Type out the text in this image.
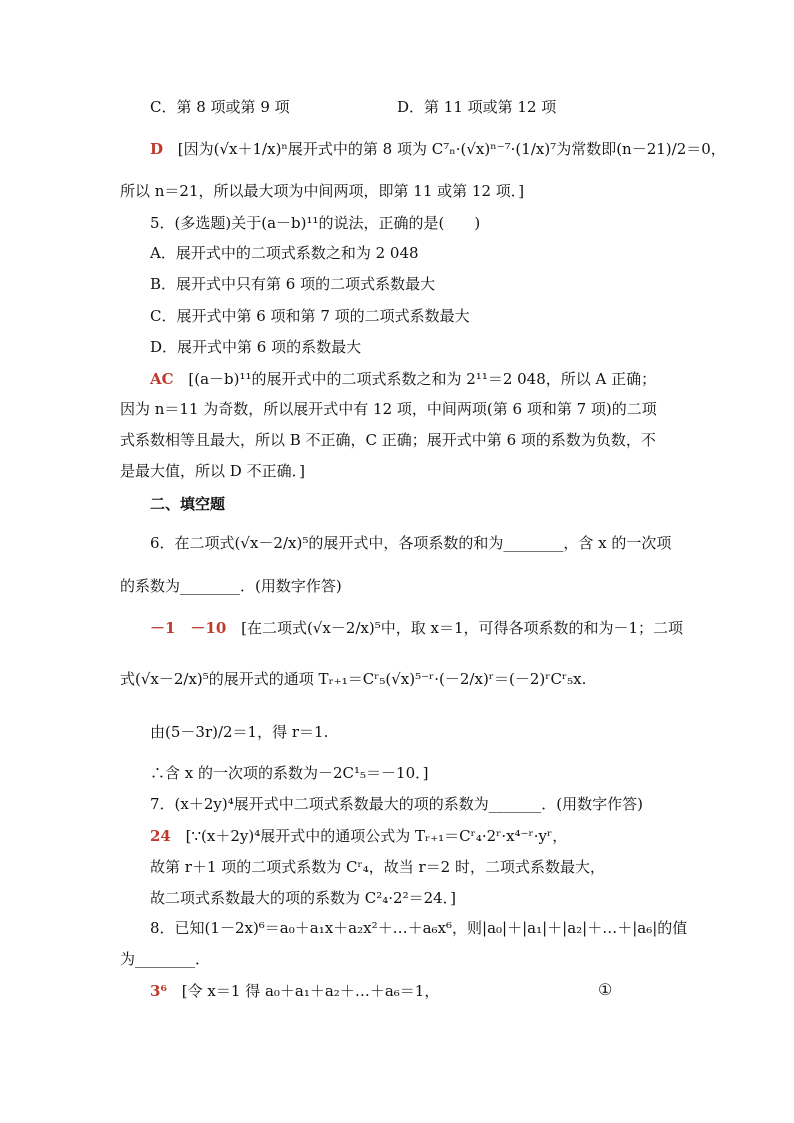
C．第 8 项或第 9 项	D．第 11 项或第 12 项
D [因为(√x＋1/x)ⁿ展开式中的第 8 项为 C⁷ₙ·(√x)ⁿ⁻⁷·(1/x)⁷为常数即(n－21)/2＝0，
所以 n＝21，所以最大项为中间两项，即第 11 或第 12 项．]
5．(多选题)关于(a－b)¹¹的说法，正确的是(　　)
A．展开式中的二项式系数之和为 2 048
B．展开式中只有第 6 项的二项式系数最大
C．展开式中第 6 项和第 7 项的二项式系数最大
D．展开式中第 6 项的系数最大
AC [(a－b)¹¹的展开式中的二项式系数之和为 2¹¹＝2 048，所以 A 正确；
因为 n＝11 为奇数，所以展开式中有 12 项，中间两项(第 6 项和第 7 项)的二项
式系数相等且最大，所以 B 不正确，C 正确；展开式中第 6 项的系数为负数，不
是最大值，所以 D 不正确．]
二、填空题
6．在二项式(√x－2/x)⁵的展开式中，各项系数的和为________，含 x 的一次项
的系数为________．(用数字作答)
－1　－10 [在二项式(√x－2/x)⁵中，取 x＝1，可得各项系数的和为－1；二项
式(√x－2/x)⁵的展开式的通项 Tᵣ₊₁＝Cʳ₅(√x)⁵⁻ʳ·(－2/x)ʳ＝(－2)ʳCʳ₅x.
由(5－3r)/2＝1，得 r＝1.
∴含 x 的一次项的系数为－2C¹₅＝－10．]
7．(x＋2y)⁴展开式中二项式系数最大的项的系数为_______．(用数字作答)
24 [∵(x＋2y)⁴展开式中的通项公式为 Tᵣ₊₁＝Cʳ₄·2ʳ·x⁴⁻ʳ·yʳ，
故第 r＋1 项的二项式系数为 Cʳ₄，故当 r＝2 时，二项式系数最大，
故二项式系数最大的项的系数为 C²₄·2²＝24．]
8．已知(1－2x)⁶＝a₀＋a₁x＋a₂x²＋…＋a₆x⁶，则|a₀|＋|a₁|＋|a₂|＋…＋|a₆|的值
为________．
3⁶ [令 x＝1 得 a₀＋a₁＋a₂＋…＋a₆＝1，	①
